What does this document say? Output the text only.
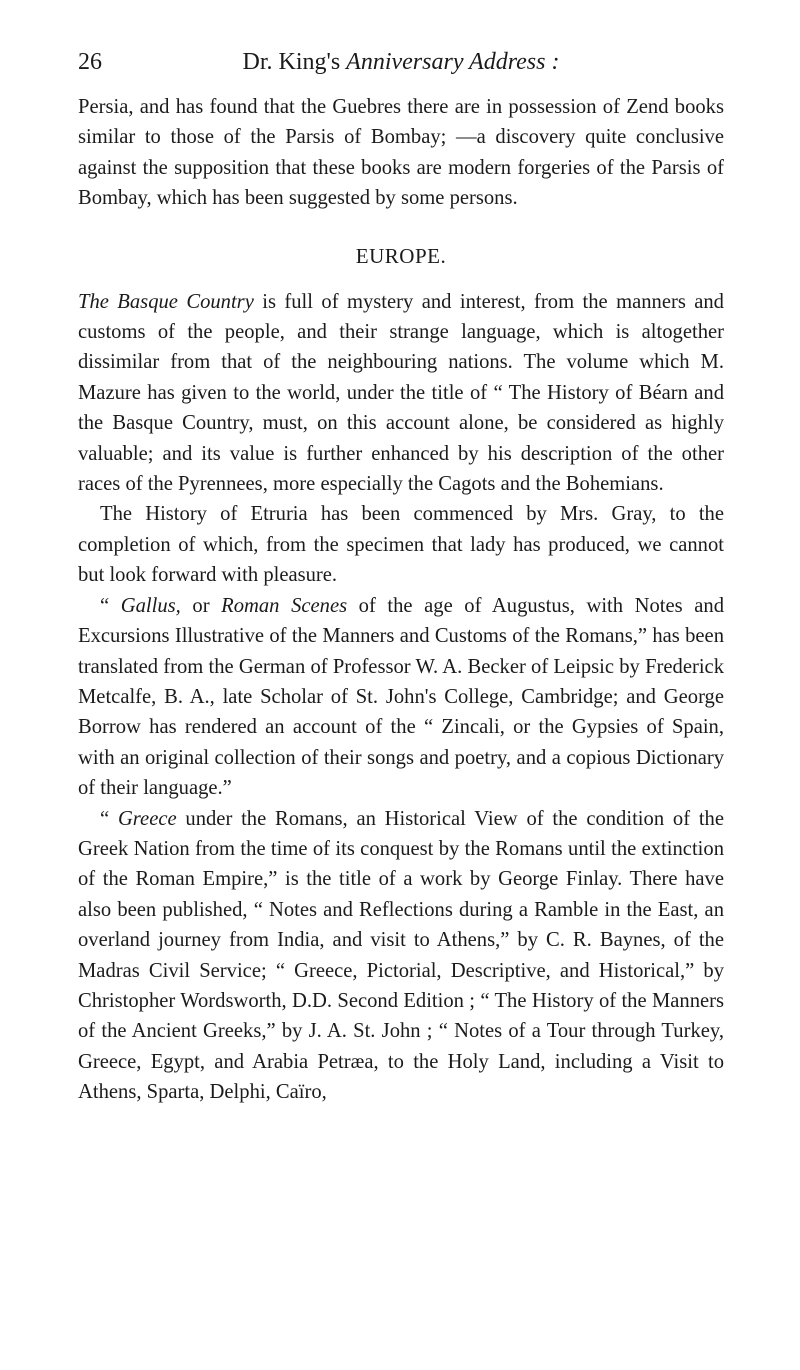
26	Dr. King's Anniversary Address :

Persia, and has found that the Guebres there are in possession of Zend books similar to those of the Parsis of Bombay; —a discovery quite conclusive against the supposition that these books are modern forgeries of the Parsis of Bombay, which has been suggested by some persons.

EUROPE.

The Basque Country is full of mystery and interest, from the manners and customs of the people, and their strange language, which is altogether dissimilar from that of the neighbouring nations. The volume which M. Mazure has given to the world, under the title of “ The History of Béarn and the Basque Country, must, on this account alone, be considered as highly valuable; and its value is further enhanced by his description of the other races of the Pyrennees, more especially the Cagots and the Bohemians.

The History of Etruria has been commenced by Mrs. Gray, to the completion of which, from the specimen that lady has produced, we cannot but look forward with pleasure.

“ Gallus, or Roman Scenes of the age of Augustus, with Notes and Excursions Illustrative of the Manners and Customs of the Romans,” has been translated from the German of Professor W. A. Becker of Leipsic by Frederick Metcalfe, B. A., late Scholar of St. John's College, Cambridge; and George Borrow has rendered an account of the “ Zincali, or the Gypsies of Spain, with an original collection of their songs and poetry, and a copious Dictionary of their language.”

“ Greece under the Romans, an Historical View of the condition of the Greek Nation from the time of its conquest by the Romans until the extinction of the Roman Empire,” is the title of a work by George Finlay. There have also been published, “ Notes and Reflections during a Ramble in the East, an overland journey from India, and visit to Athens,” by C. R. Baynes, of the Madras Civil Service; “ Greece, Pictorial, Descriptive, and Historical,” by Christopher Wordsworth, D.D. Second Edition ; “ The History of the Manners of the Ancient Greeks,” by J. A. St. John ; “ Notes of a Tour through Turkey, Greece, Egypt, and Arabia Petræa, to the Holy Land, including a Visit to Athens, Sparta, Delphi, Caïro,
